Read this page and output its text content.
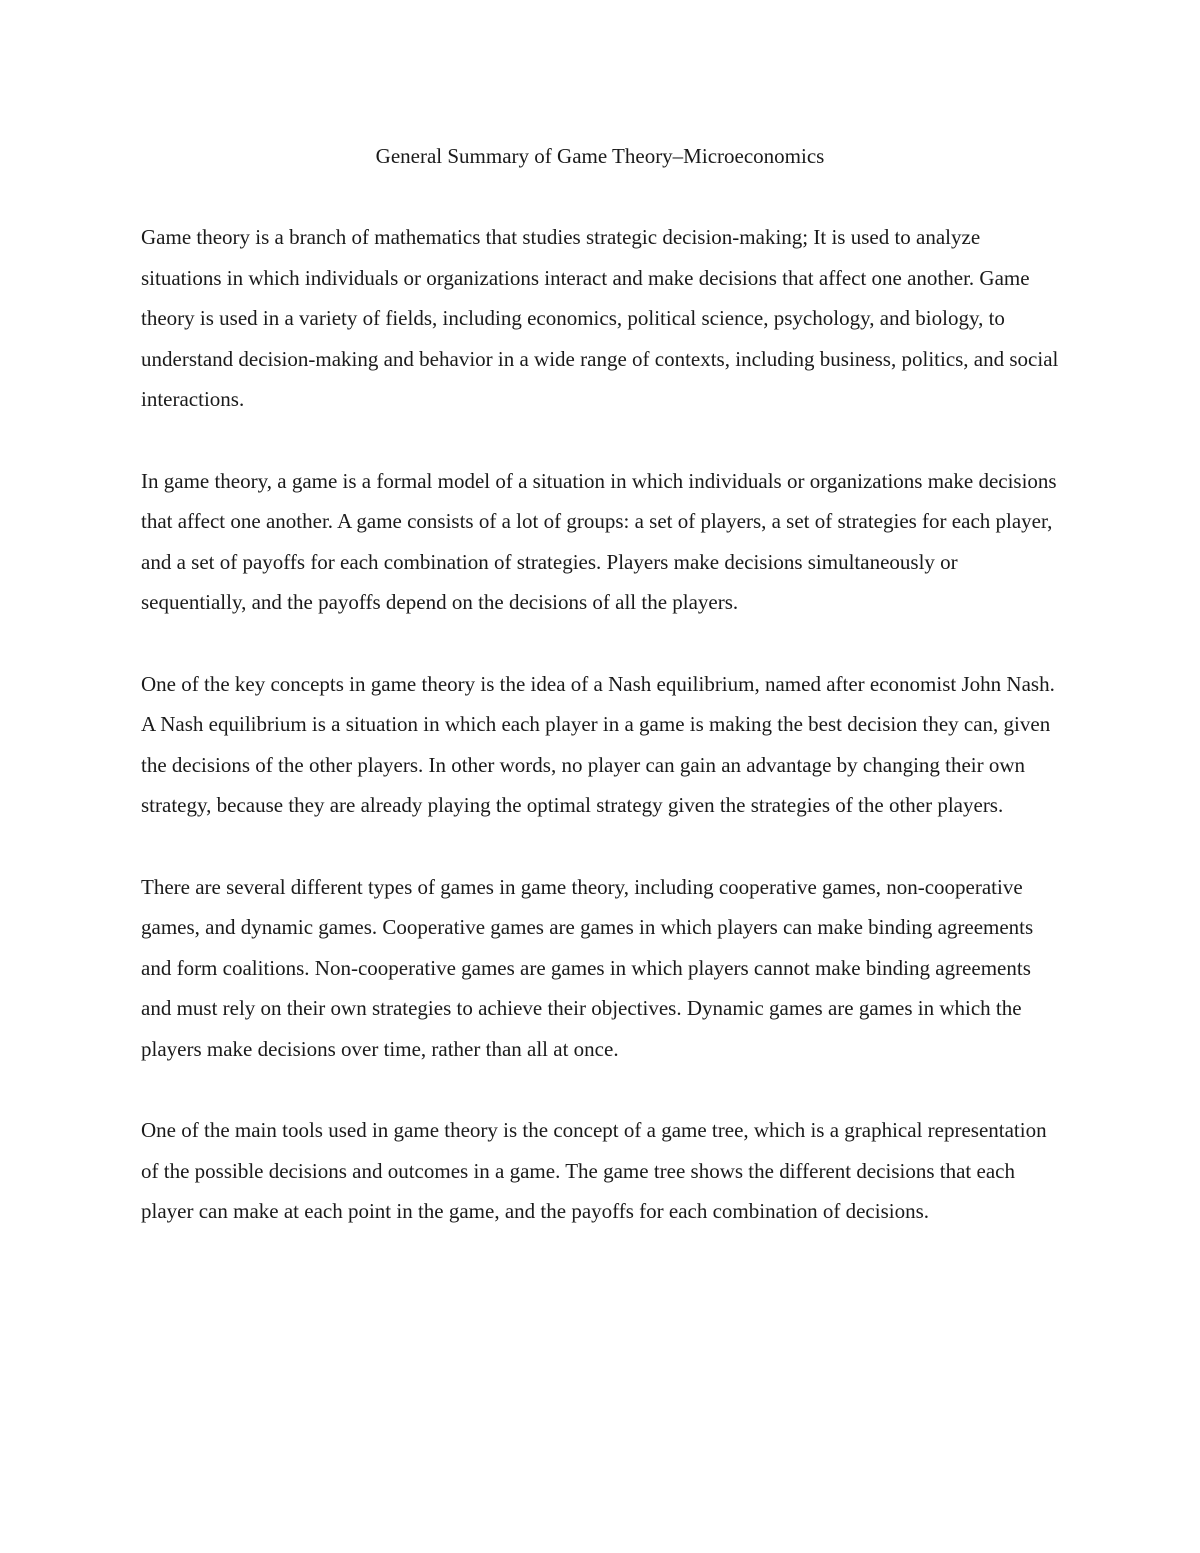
General Summary of Game Theory–Microeconomics

Game theory is a branch of mathematics that studies strategic decision-making; It is used to analyze situations in which individuals or organizations interact and make decisions that affect one another. Game theory is used in a variety of fields, including economics, political science, psychology, and biology, to understand decision-making and behavior in a wide range of contexts, including business, politics, and social interactions.

In game theory, a game is a formal model of a situation in which individuals or organizations make decisions that affect one another. A game consists of a lot of groups: a set of players, a set of strategies for each player, and a set of payoffs for each combination of strategies. Players make decisions simultaneously or sequentially, and the payoffs depend on the decisions of all the players.

One of the key concepts in game theory is the idea of a Nash equilibrium, named after economist John Nash. A Nash equilibrium is a situation in which each player in a game is making the best decision they can, given the decisions of the other players. In other words, no player can gain an advantage by changing their own strategy, because they are already playing the optimal strategy given the strategies of the other players.

There are several different types of games in game theory, including cooperative games, non-cooperative games, and dynamic games. Cooperative games are games in which players can make binding agreements and form coalitions. Non-cooperative games are games in which players cannot make binding agreements and must rely on their own strategies to achieve their objectives. Dynamic games are games in which the players make decisions over time, rather than all at once.

One of the main tools used in game theory is the concept of a game tree, which is a graphical representation of the possible decisions and outcomes in a game. The game tree shows the different decisions that each player can make at each point in the game, and the payoffs for each combination of decisions.
